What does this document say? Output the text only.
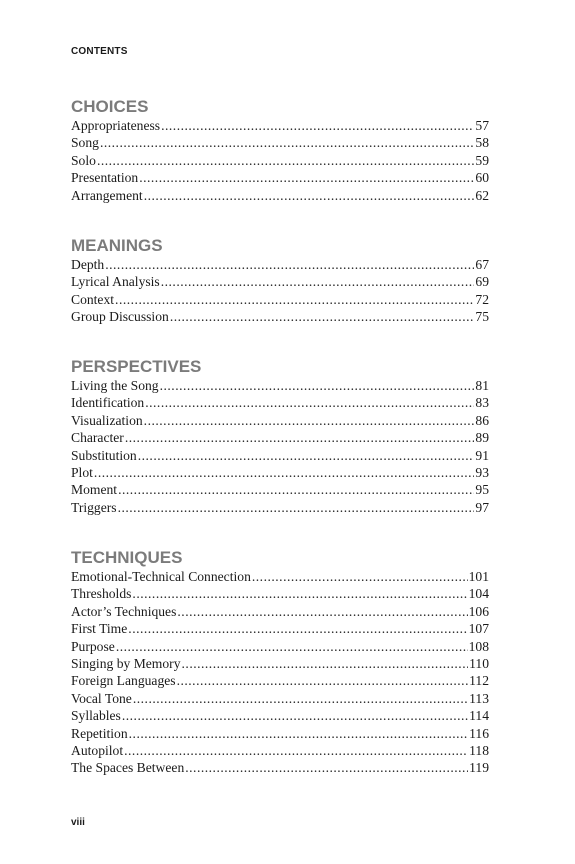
CONTENTS
CHOICES
Appropriateness .....	57
Song .....	58
Solo .....	59
Presentation .....	60
Arrangement .....	62
MEANINGS
Depth .....	67
Lyrical Analysis .....	69
Context .....	72
Group Discussion .....	75
PERSPECTIVES
Living the Song .....	81
Identification .....	83
Visualization .....	86
Character .....	89
Substitution .....	91
Plot .....	93
Moment .....	95
Triggers .....	97
TECHNIQUES
Emotional-Technical Connection .....	101
Thresholds .....	104
Actor’s Techniques .....	106
First Time .....	107
Purpose .....	108
Singing by Memory .....	110
Foreign Languages .....	112
Vocal Tone .....	113
Syllables .....	114
Repetition .....	116
Autopilot .....	118
The Spaces Between .....	119
viii
